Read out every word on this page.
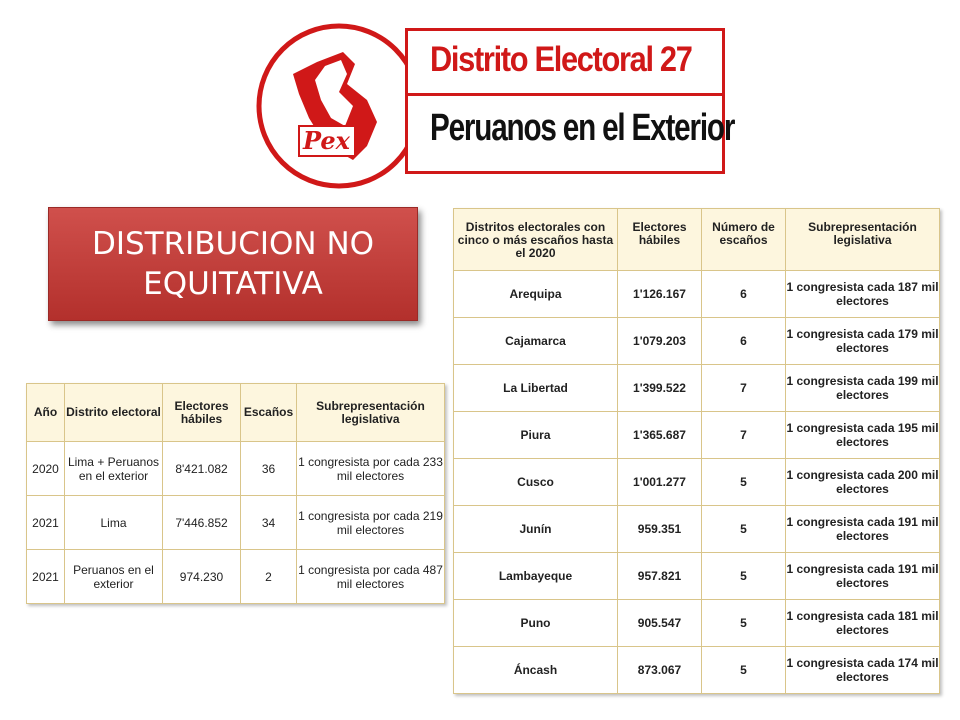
Pex
Distrito Electoral 27
Peruanos en el Exterior
DISTRIBUCION NO
EQUITATIVA
Año	Distrito electoral	Electores hábiles	Escaños	Subrepresentación legislativa
2020	Lima + Peruanos en el exterior	8'421.082	36	1 congresista por cada 233 mil electores
2021	Lima	7'446.852	34	1 congresista por cada 219 mil electores
2021	Peruanos en el exterior	974.230	2	1 congresista por cada 487 mil electores
Distritos electorales con cinco o más escaños hasta el 2020	Electores hábiles	Número de escaños	Subrepresentación legislativa
Arequipa	1'126.167	6	1 congresista cada 187 mil electores
Cajamarca	1'079.203	6	1 congresista cada 179 mil electores
La Libertad	1'399.522	7	1 congresista cada 199 mil electores
Piura	1'365.687	7	1 congresista cada 195 mil electores
Cusco	1'001.277	5	1 congresista cada 200 mil electores
Junín	959.351	5	1 congresista cada 191 mil electores
Lambayeque	957.821	5	1 congresista cada 191 mil electores
Puno	905.547	5	1 congresista cada 181 mil electores
Áncash	873.067	5	1 congresista cada 174 mil electores
